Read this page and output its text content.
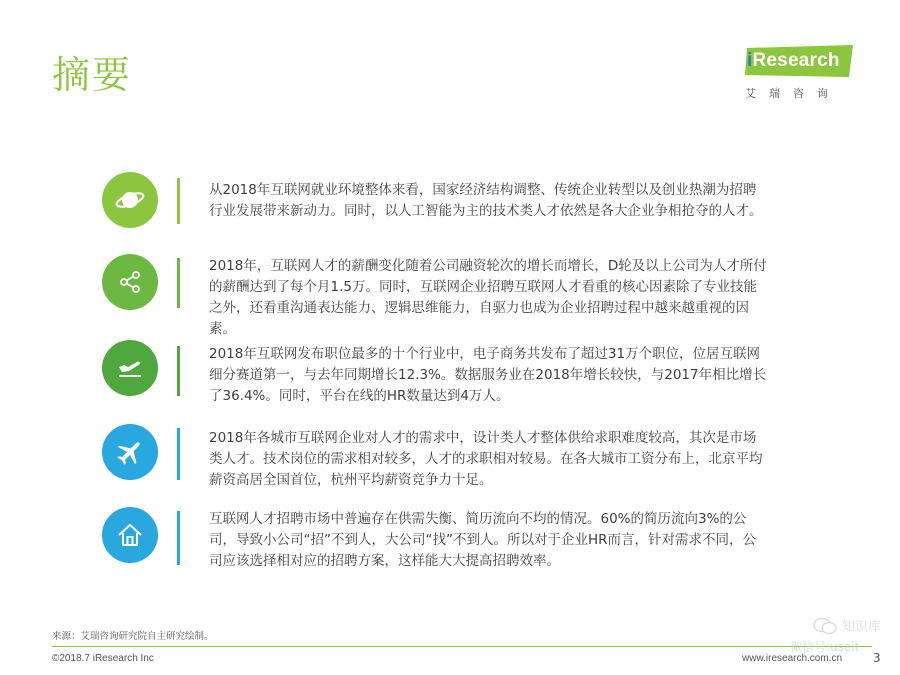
摘要	iResearch
艾瑞咨询
从2018年互联网就业环境整体来看，国家经济结构调整、传统企业转型以及创业热潮为招聘行业发展带来新动力。同时，以人工智能为主的技术类人才依然是各大企业争相抢夺的人才。
2018年，互联网人才的薪酬变化随着公司融资轮次的增长而增长，D轮及以上公司为人才所付的薪酬达到了每个月1.5万。同时，互联网企业招聘互联网人才看重的核心因素除了专业技能之外，还看重沟通表达能力、逻辑思维能力，自驱力也成为企业招聘过程中越来越重视的因素。
2018年互联网发布职位最多的十个行业中，电子商务共发布了超过31万个职位，位居互联网细分赛道第一，与去年同期增长12.3%。数据服务业在2018年增长较快，与2017年相比增长了36.4%。同时，平台在线的HR数量达到4万人。
2018年各城市互联网企业对人才的需求中，设计类人才整体供给求职难度较高，其次是市场类人才。技术岗位的需求相对较多，人才的求职相对较易。在各大城市工资分布上，北京平均薪资高居全国首位，杭州平均薪资竞争力十足。
互联网人才招聘市场中普遍存在供需失衡、简历流向不均的情况。60%的简历流向3%的公司，导致小公司“招”不到人，大公司“找”不到人。所以对于企业HR而言，针对需求不同，公司应该选择相对应的招聘方案，这样能大大提高招聘效率。
来源：艾瑞咨询研究院自主研究绘制。
©2018.7 iResearch Inc	www.iresearch.com.cn	3
知识库
微信号:useit
